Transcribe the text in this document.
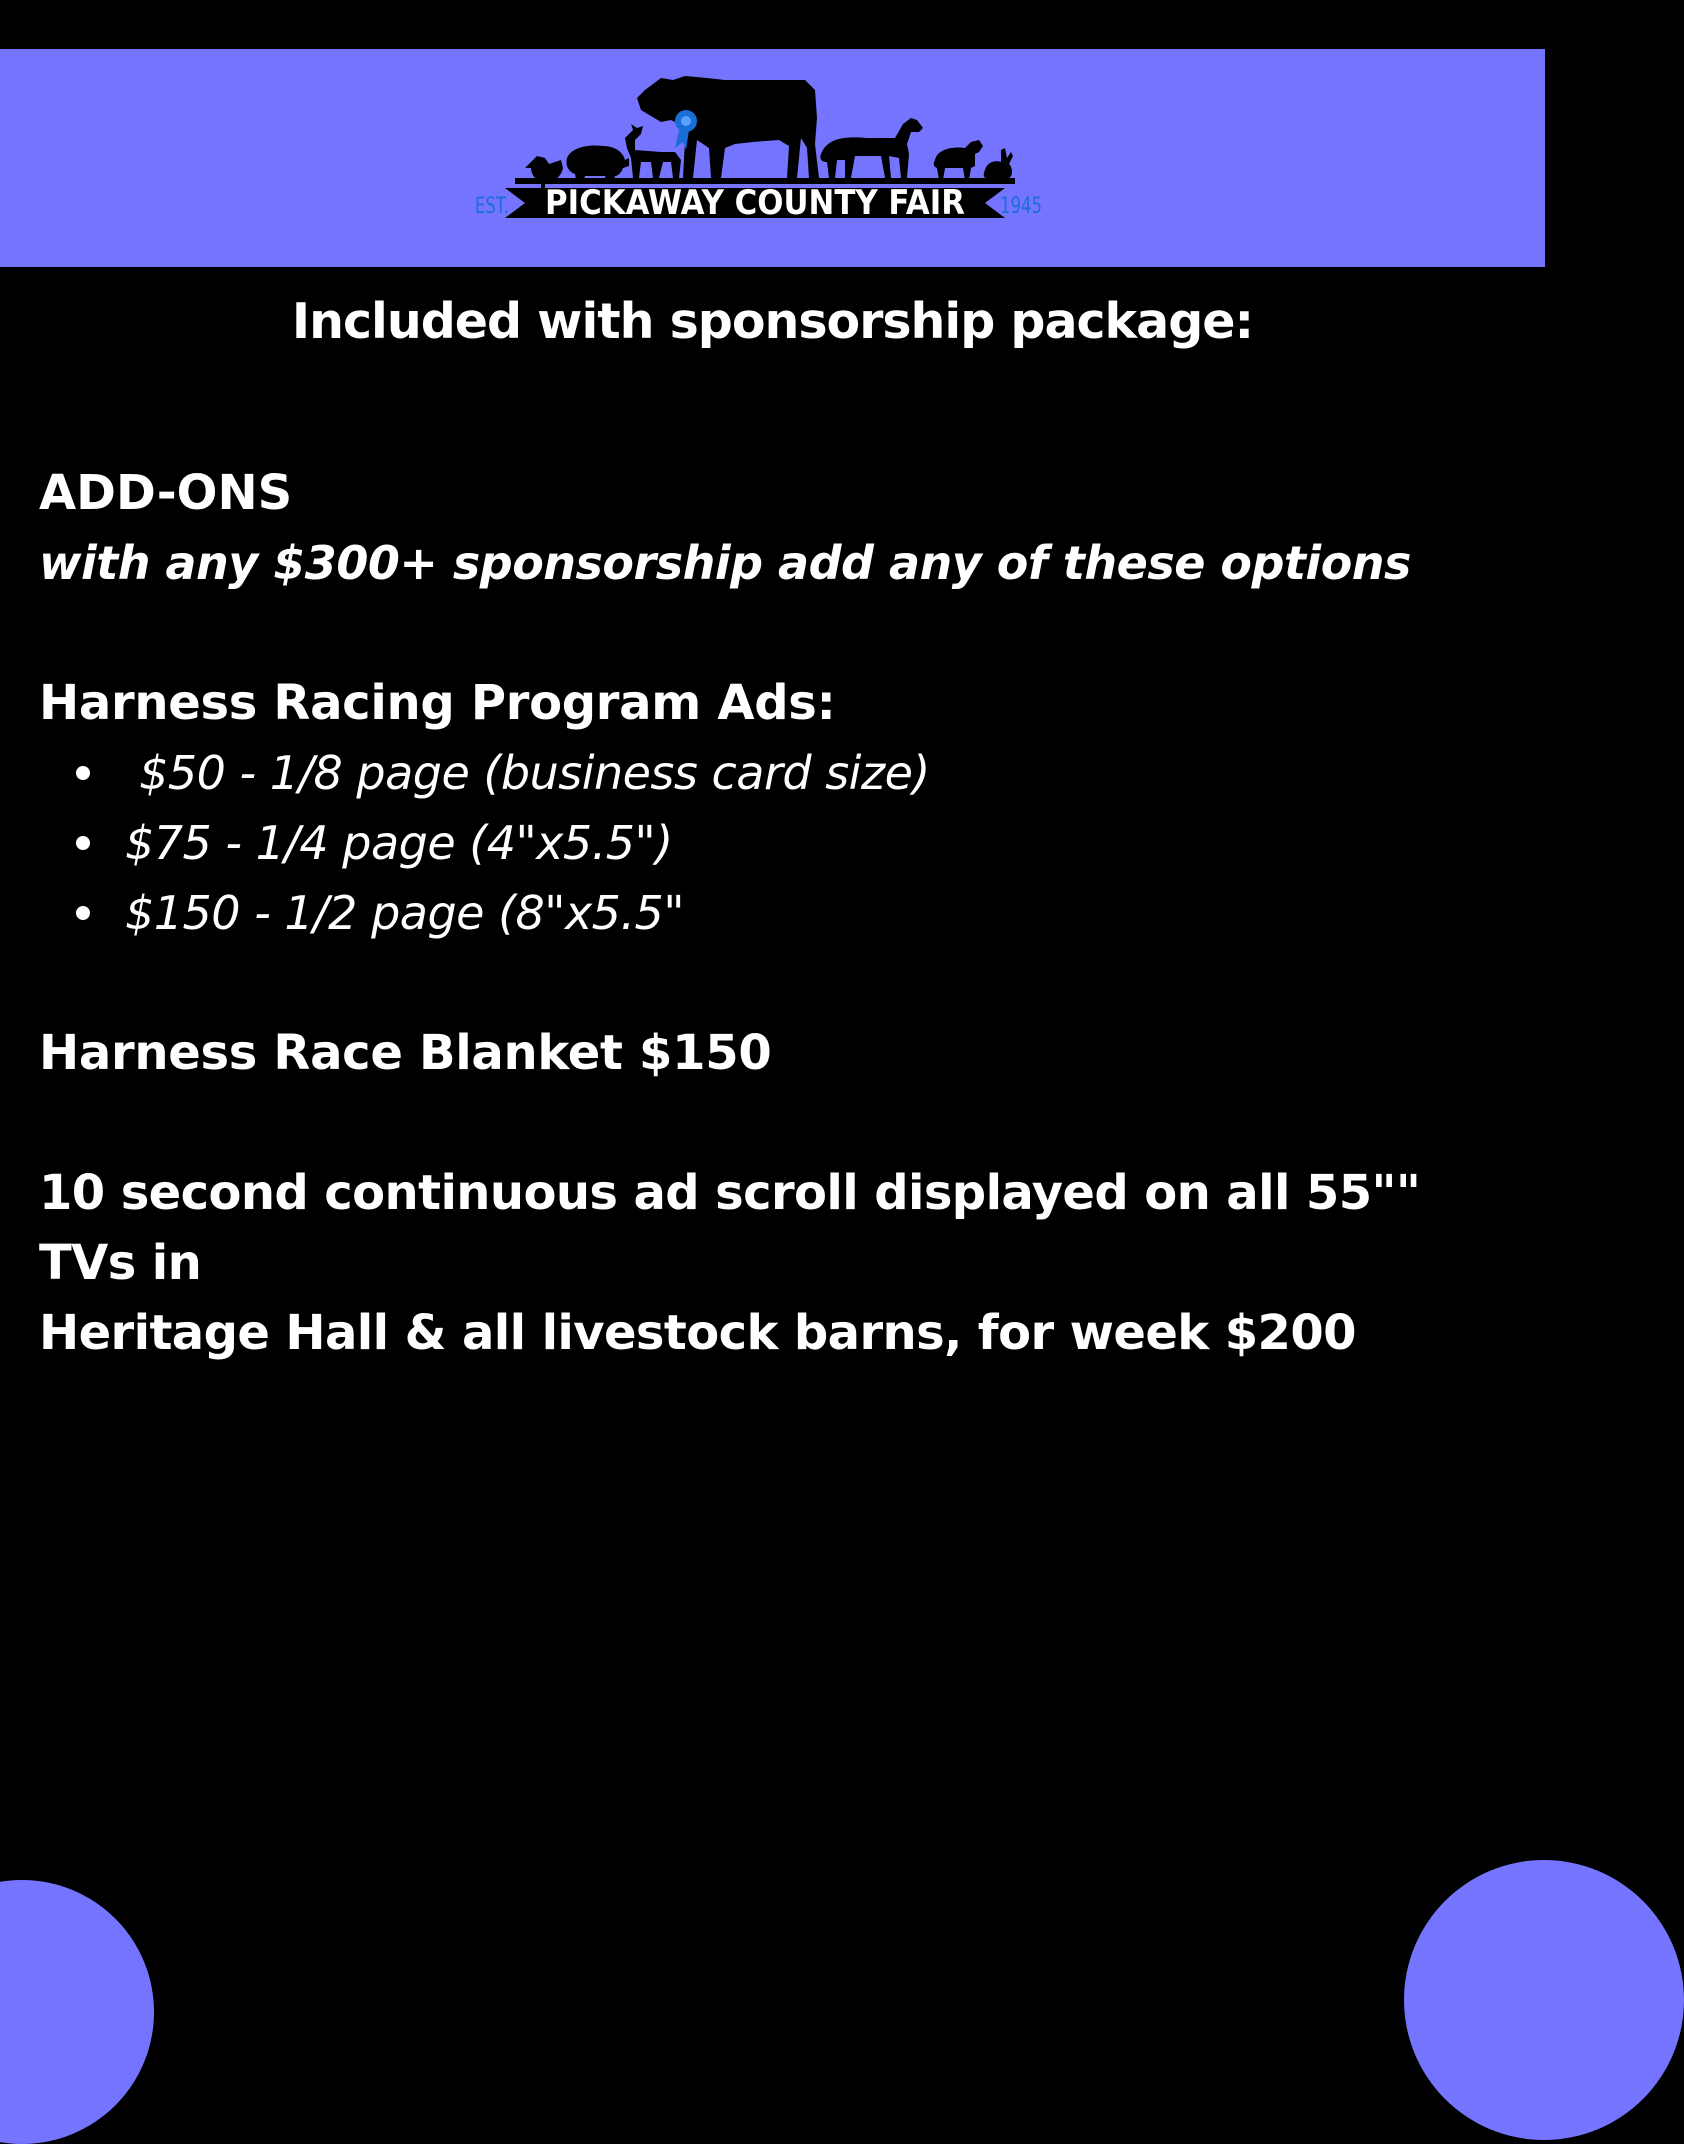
PICKAWAY COUNTY FAIR
EST.	1945
Included with sponsorship package:

ADD-ONS

with any $300+ sponsorship add any of these options

Harness Racing Program Ads:

$50 - 1/8 page (business card size)
$75 - 1/4 page (4"x5.5")
$150 - 1/2 page (8"x5.5"

Harness Race Blanket $150

10 second continuous ad scroll displayed on all 55"" TVs in

Heritage Hall & all livestock barns, for week $200
